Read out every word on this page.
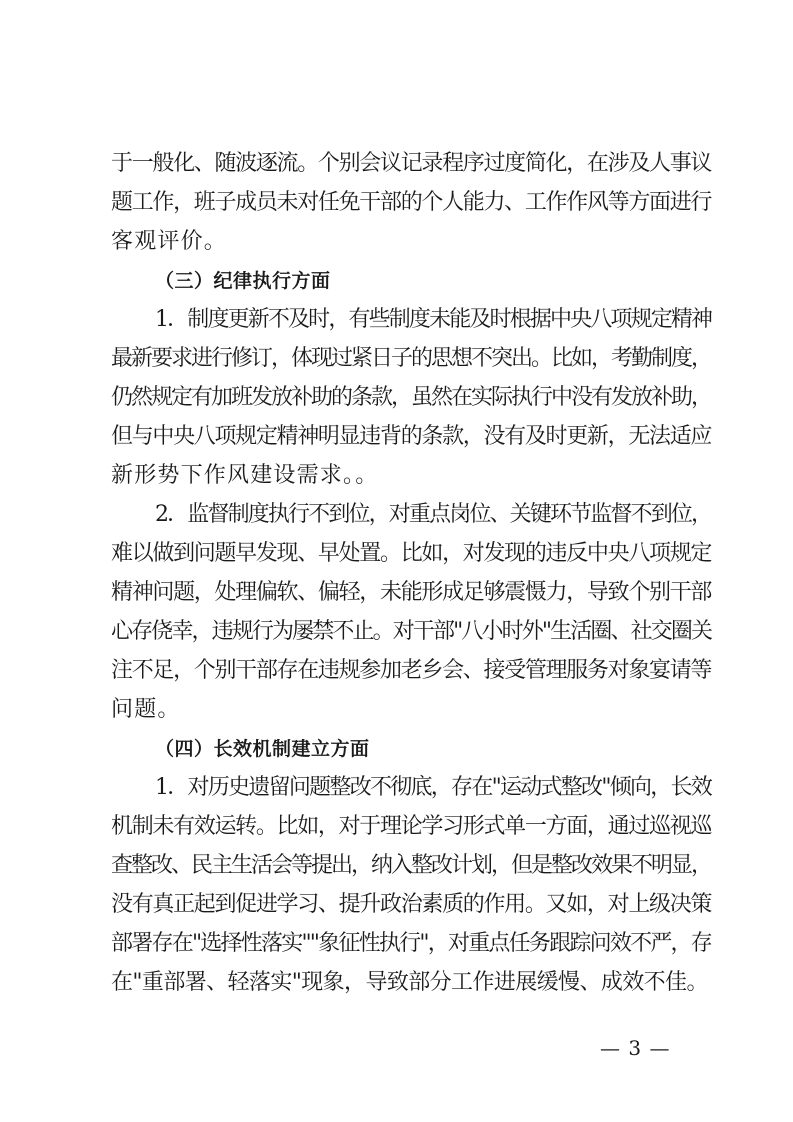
于一般化、随波逐流。个别会议记录程序过度简化，在涉及人事议
题工作，班子成员未对任免干部的个人能力、工作作风等方面进行
客观评价。
（三）纪律执行方面
1．制度更新不及时，有些制度未能及时根据中央八项规定精神
最新要求进行修订，体现过紧日子的思想不突出。比如，考勤制度，
仍然规定有加班发放补助的条款，虽然在实际执行中没有发放补助，
但与中央八项规定精神明显违背的条款，没有及时更新，无法适应
新形势下作风建设需求。。
2．监督制度执行不到位，对重点岗位、关键环节监督不到位，
难以做到问题早发现、早处置。比如，对发现的违反中央八项规定
精神问题，处理偏软、偏轻，未能形成足够震慑力，导致个别干部
心存侥幸，违规行为屡禁不止。对干部"八小时外"生活圈、社交圈关
注不足，个别干部存在违规参加老乡会、接受管理服务对象宴请等
问题。
（四）长效机制建立方面
1．对历史遗留问题整改不彻底，存在"运动式整改"倾向，长效
机制未有效运转。比如，对于理论学习形式单一方面，通过巡视巡
查整改、民主生活会等提出，纳入整改计划，但是整改效果不明显，
没有真正起到促进学习、提升政治素质的作用。又如，对上级决策
部署存在"选择性落实""象征性执行"，对重点任务跟踪问效不严，存
在"重部署、轻落实"现象，导致部分工作进展缓慢、成效不佳。
— 3 —
